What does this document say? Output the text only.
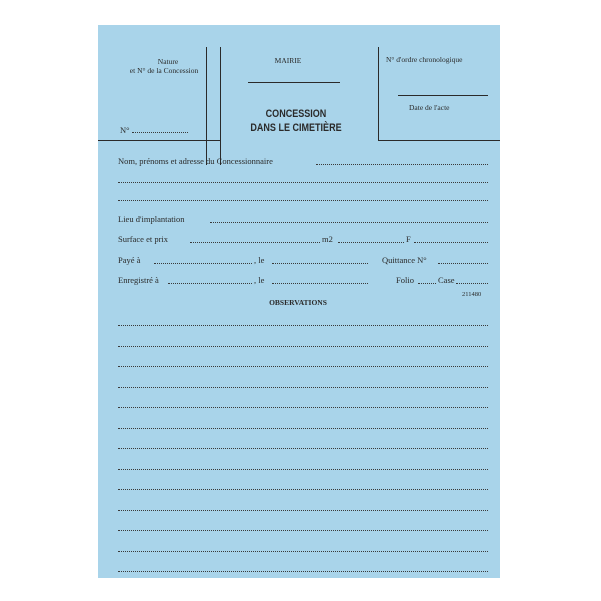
Nature
et N° de la Concession
N°
MAIRIE
CONCESSION
DANS LE CIMETIÈRE
N° d'ordre chronologique
Date de l'acte
Nom, prénoms et adresse du Concessionnaire
Lieu d'implantation
Surface et prix	m2	F
Payé à	, le	Quittance N°
Enregistré à	, le	Folio	Case
211480
OBSERVATIONS
